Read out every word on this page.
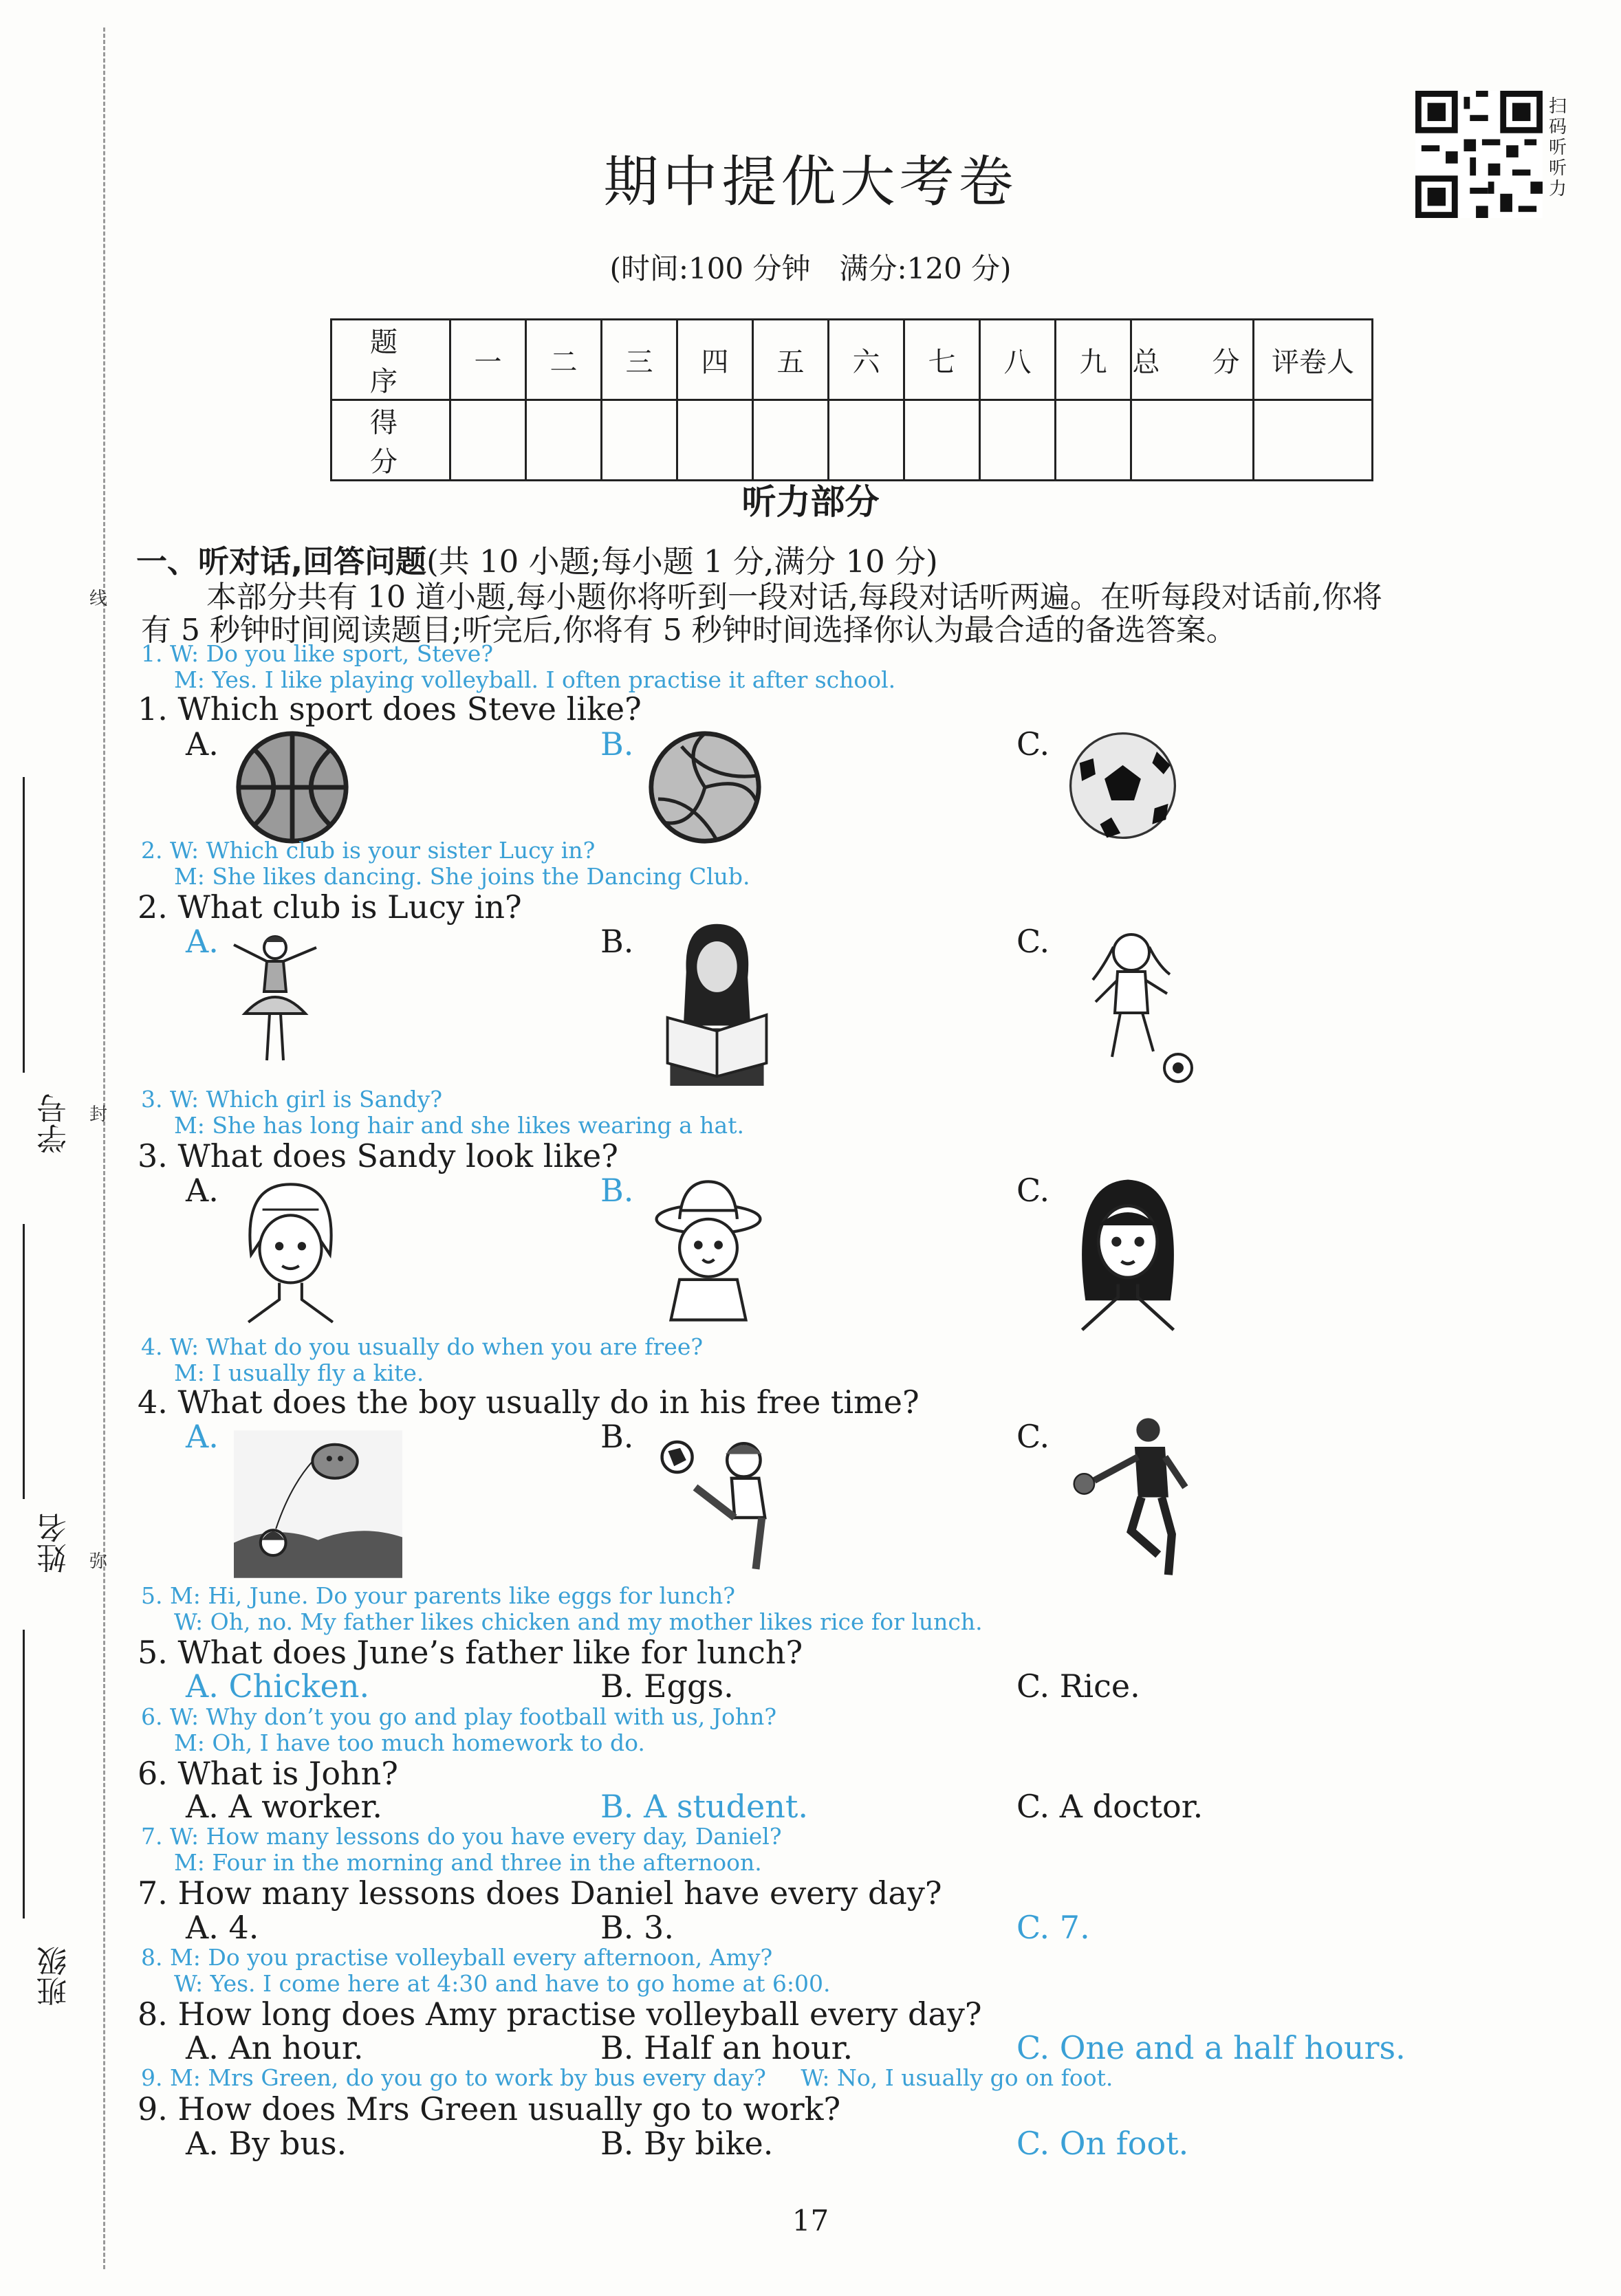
线
封
弥
学号
姓名
班级
期中提优大考卷
(时间:100 分钟　满分:120 分)
扫
码
听
听
力
题　序	一	二	三	四	五	六	七	八	九	总　分	评卷人
得　分											
听力部分
一、听对话,回答问题(共 10 小题;每小题 1 分,满分 10 分)
本部分共有 10 道小题,每小题你将听到一段对话,每段对话听两遍。在听每段对话前,你将
有 5 秒钟时间阅读题目;听完后,你将有 5 秒钟时间选择你认为最合适的备选答案。
1. W: Do you like sport, Steve?
M: Yes. I like playing volleyball. I often practise it after school.
1. Which sport does Steve like?
A.	B.	C.
2. W: Which club is your sister Lucy in?
M: She likes dancing. She joins the Dancing Club.
2. What club is Lucy in?
A.	B.	C.
3. W: Which girl is Sandy?
M: She has long hair and she likes wearing a hat.
3. What does Sandy look like?
A.	B.	C.
4. W: What do you usually do when you are free?
M: I usually fly a kite.
4. What does the boy usually do in his free time?
A.	B.	C.
5. M: Hi, June. Do your parents like eggs for lunch?
W: Oh, no. My father likes chicken and my mother likes rice for lunch.
5. What does June’s father like for lunch?
A. Chicken.	B. Eggs.	C. Rice.
6. W: Why don’t you go and play football with us, John?
M: Oh, I have too much homework to do.
6. What is John?
A. A worker.	B. A student.	C. A doctor.
7. W: How many lessons do you have every day, Daniel?
M: Four in the morning and three in the afternoon.
7. How many lessons does Daniel have every day?
A. 4.	B. 3.	C. 7.
8. M: Do you practise volleyball every afternoon, Amy?
W: Yes. I come here at 4:30 and have to go home at 6:00.
8. How long does Amy practise volleyball every day?
A. An hour.	B. Half an hour.	C. One and a half hours.
9. M: Mrs Green, do you go to work by bus every day? W: No, I usually go on foot.
9. How does Mrs Green usually go to work?
A. By bus.	B. By bike.	C. On foot.
17
